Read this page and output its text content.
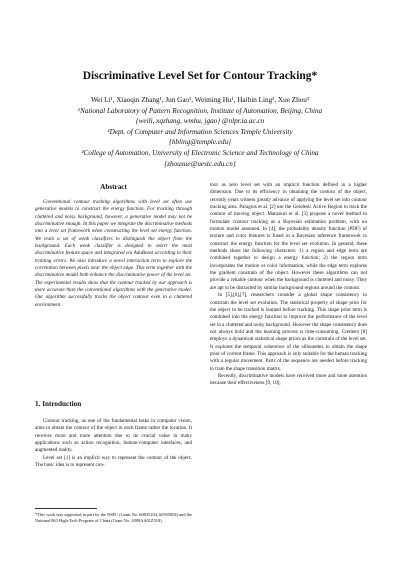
Discriminative Level Set for Contour Tracking*
Wei Li¹, Xiaoqin Zhang¹, Jun Gao¹, Weiming Hu¹, Haibin Ling², Xue Zhou³
¹National Laboratory of Pattern Recognition, Institute of Automation, Beijing, China
{weili, xqzhang, wmhu, jgao} @nlpr.ia.ac.cn
²Dept. of Computer and Information Sciences Temple University
{hbling@temple.edu}
³College of Automation, University of Electronic Science and Technology of China
{zhouxue@uestc.edu.cn}
Abstract

Conventional contour tracking algorithms with level set often use generative models to construct the energy function. For tracking through cluttered and noisy background, however, a generative model may not be discriminative enough. In this paper we integrate the discriminative methods into a level set framework when constructing the level set energy function. We train a set of weak classifiers to distinguish the object from the background. Each weak classifier is designed to select the most discriminative feature space and integrated via AdaBoost according to their training errors. We also introduce a novel interaction term to explore the correlation between pixels near the object edge. This term together with the discriminative model both enhance the discriminative power of the level set. The experimental results show that the contour tracked by our approach is more accurate than the conventional algorithms with the generative model. Our algorithm successfully tracks the object contour even in a cluttered environment.

1. Introduction

Contour tracking, as one of the fundamental tasks in computer vision, aims to obtain the contour of the object in each frame rather the location. It receives more and more attention due to its crucial value in many applications such as action recognition, human-computer interfaces, and augmented reality.

Level set [1] is an implicit way to represent the contour of the object. The basic idea is to represent con-

*This work was supported in part by the NSFC (Grant No. 60825204, 60935002) and the National 863 High-Tech Program of China (Grant No. 2009AA01Z318).

tour as zero level set with an implicit function defined in a higher dimension. Due to its efficiency in obtaining the contour of the object, recently years witness greatly advance of applying the level set into contour tracking area. Paragios et al. [2] use the Geodesic Active Region to track the contour of moving object. Mansouri et al. [3] propose a novel method to formulate contour tracking as a Bayesian estimation problem, with no motion model assumed. In [4], the probability density function (PDF) of texture and color features is fused in a Bayesian inference framework to construct the energy function for the level set evolution. In general, these methods share the following characters: 1) a region and edge term are combined together to design a energy function; 2) the region term incorporates the motion or color information, while the edge term explores the gradient constrain of the object. However these algorithms can not provide a reliable contour when the background is cluttered and noisy. They are apt to be distracted by similar background regions around the contour.

In [5],[6],[7], researchers consider a global shape consistency to constrain the level set evolution. The statistical property of shape prior for the object to be tracked is learned before tracking. This shape prior term is combined into the energy function to improve the performance of the level set in a cluttered and noisy background. However the shape consistency does not always hold and the learning process is time-consuming. Cremers [8] employs a dynamical statistical shape priors as the constrain of the level set. It explores the temporal coherence of the silhouettes to obtain the shape prior of current frame. This approach is only suitable for the human tracking with a regular movement. Parts of the sequence are needed before tracking to train the shape transition matrix.

Recently, discriminative models have received more and more attention because their effectiveness [9, 10],
